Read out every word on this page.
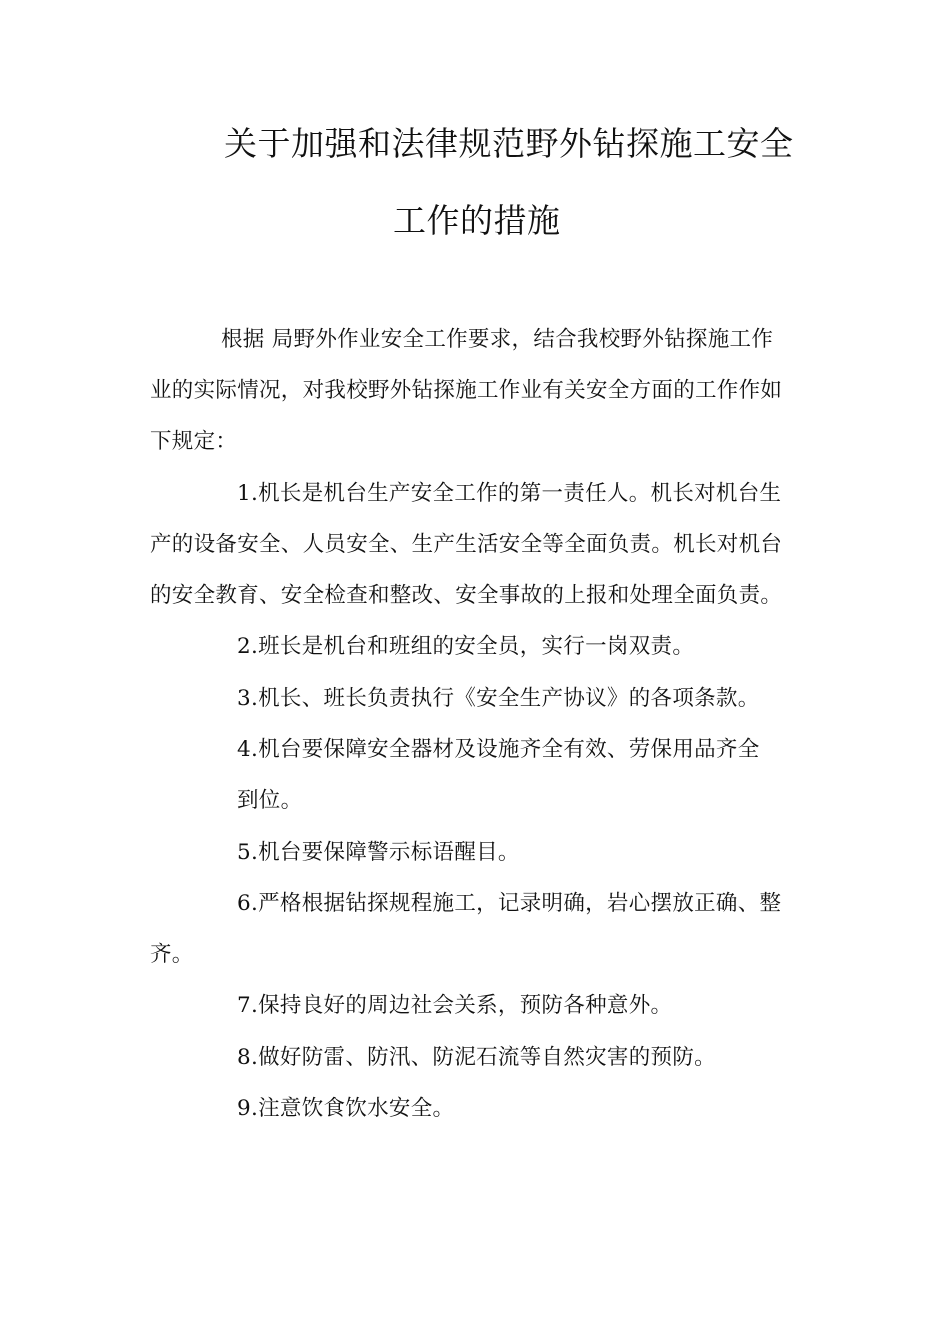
关于加强和法律规范野外钻探施工安全
工作的措施
根据 局野外作业安全工作要求，结合我校野外钻探施工作
业的实际情况，对我校野外钻探施工作业有关安全方面的工作作如
下规定：
1.机长是机台生产安全工作的第一责任人。机长对机台生
产的设备安全、人员安全、生产生活安全等全面负责。机长对机台
的安全教育、安全检查和整改、安全事故的上报和处理全面负责。
2.班长是机台和班组的安全员，实行一岗双责。
3.机长、班长负责执行《安全生产协议》的各项条款。
4.机台要保障安全器材及设施齐全有效、劳保用品齐全
到位。
5.机台要保障警示标语醒目。
6.严格根据钻探规程施工，记录明确，岩心摆放正确、整
齐。
7.保持良好的周边社会关系，预防各种意外。
8.做好防雷、防汛、防泥石流等自然灾害的预防。
9.注意饮食饮水安全。
